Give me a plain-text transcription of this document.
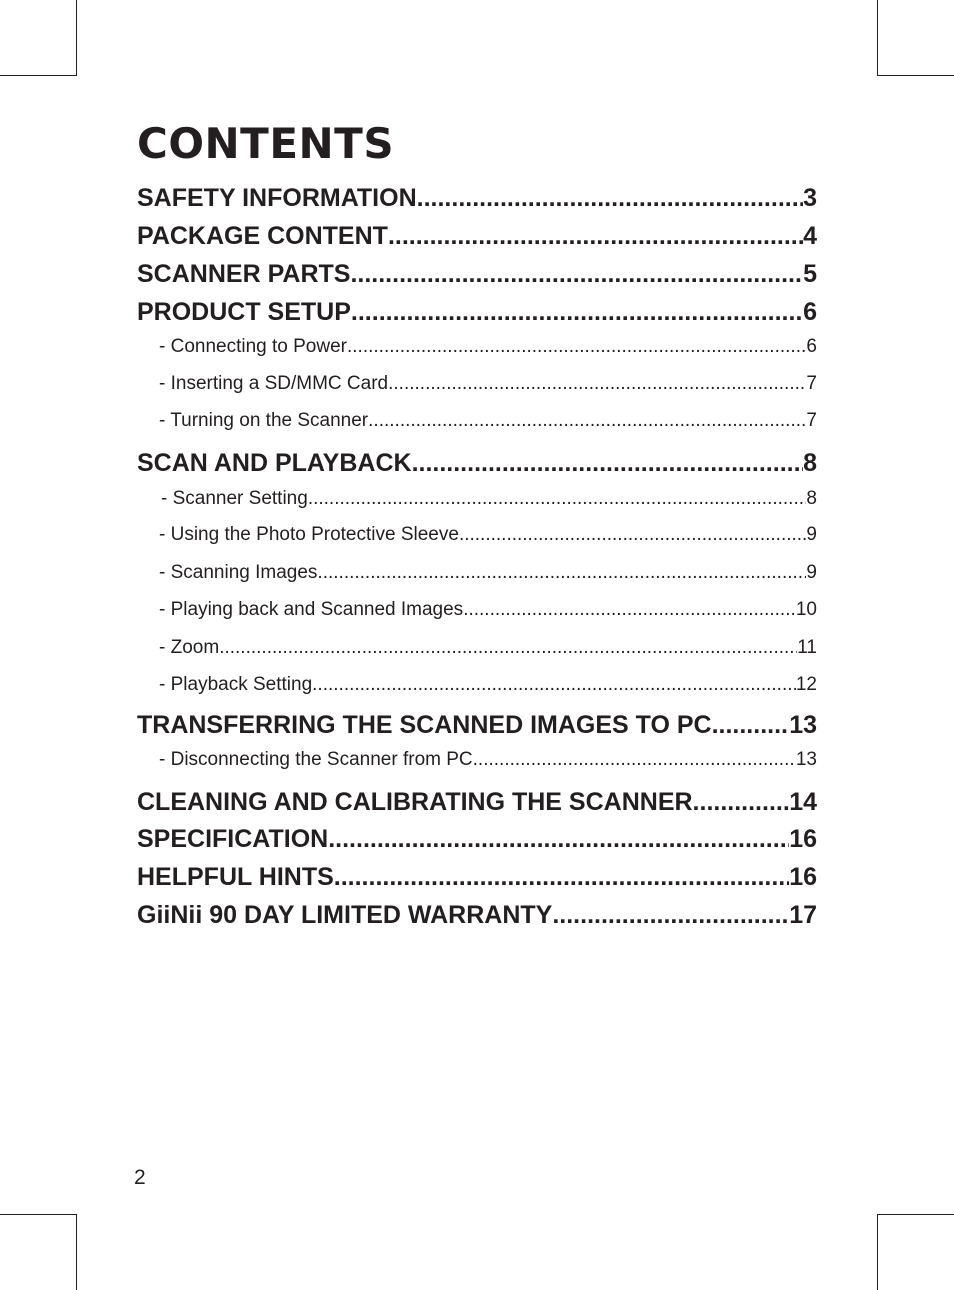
CONTENTS
SAFETY INFORMATION .....	3
PACKAGE CONTENT .....	4
SCANNER PARTS .....	5
PRODUCT SETUP .....	6
- Connecting to Power .....	6
- Inserting a SD/MMC Card .....	7
- Turning on the Scanner .....	7
SCAN AND PLAYBACK .....	8
- Scanner Setting .....	8
- Using the Photo Protective Sleeve .....	9
- Scanning Images .....	9
- Playing back and Scanned Images .....	10
- Zoom .....	11
- Playback Setting .....	12
TRANSFERRING THE SCANNED IMAGES TO PC .....	13
- Disconnecting the Scanner from PC .....	13
CLEANING AND CALIBRATING THE SCANNER .....	14
SPECIFICATION .....	16
HELPFUL HINTS .....	16
GiiNii 90 DAY LIMITED WARRANTY .....	17
2
